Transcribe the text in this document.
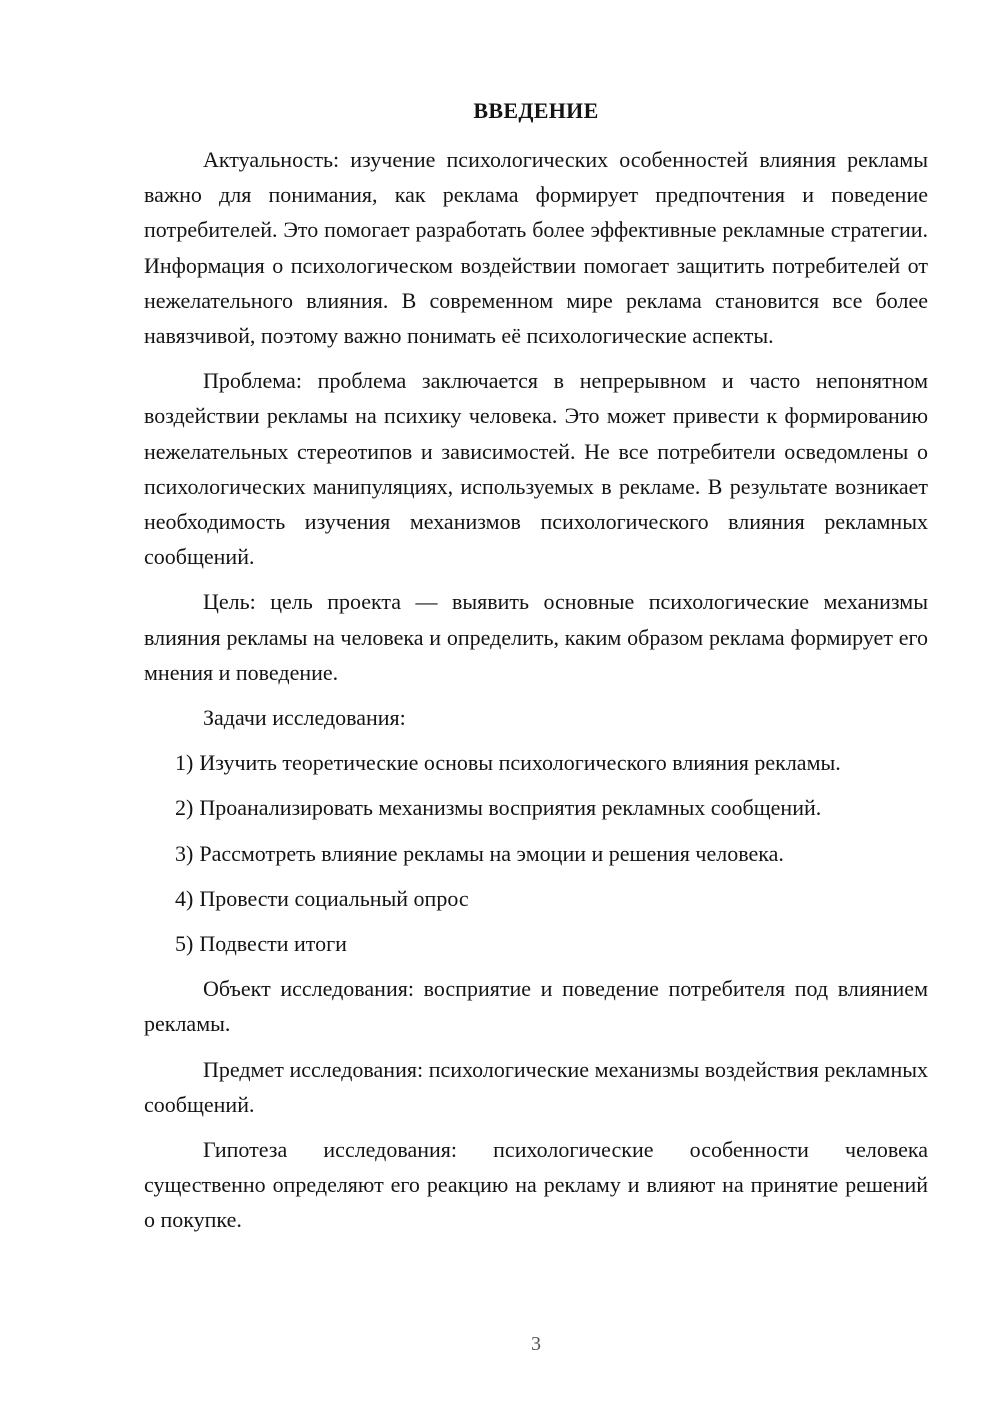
ВВЕДЕНИЕ

Актуальность: изучение психологических особенностей влияния рекламы важно для понимания, как реклама формирует предпочтения и поведение потребителей. Это помогает разработать более эффективные рекламные стратегии. Информация о психологическом воздействии помогает защитить потребителей от нежелательного влияния. В современном мире реклама становится все более навязчивой, поэтому важно понимать её психологические аспекты.

Проблема: проблема заключается в непрерывном и часто непонятном воздействии рекламы на психику человека. Это может привести к формированию нежелательных стереотипов и зависимостей. Не все потребители осведомлены о психологических манипуляциях, используемых в рекламе. В результате возникает необходимость изучения механизмов психологического влияния рекламных сообщений.

Цель: цель проекта — выявить основные психологические механизмы влияния рекламы на человека и определить, каким образом реклама формирует его мнения и поведение.

Задачи исследования:

1) Изучить теоретические основы психологического влияния рекламы.
2) Проанализировать механизмы восприятия рекламных сообщений.
3) Рассмотреть влияние рекламы на эмоции и решения человека.
4) Провести социальный опрос
5) Подвести итоги

Объект исследования: восприятие и поведение потребителя под влиянием рекламы.

Предмет исследования: психологические механизмы воздействия рекламных сообщений.

Гипотеза исследования: психологические особенности человека существенно определяют его реакцию на рекламу и влияют на принятие решений о покупке.

3
